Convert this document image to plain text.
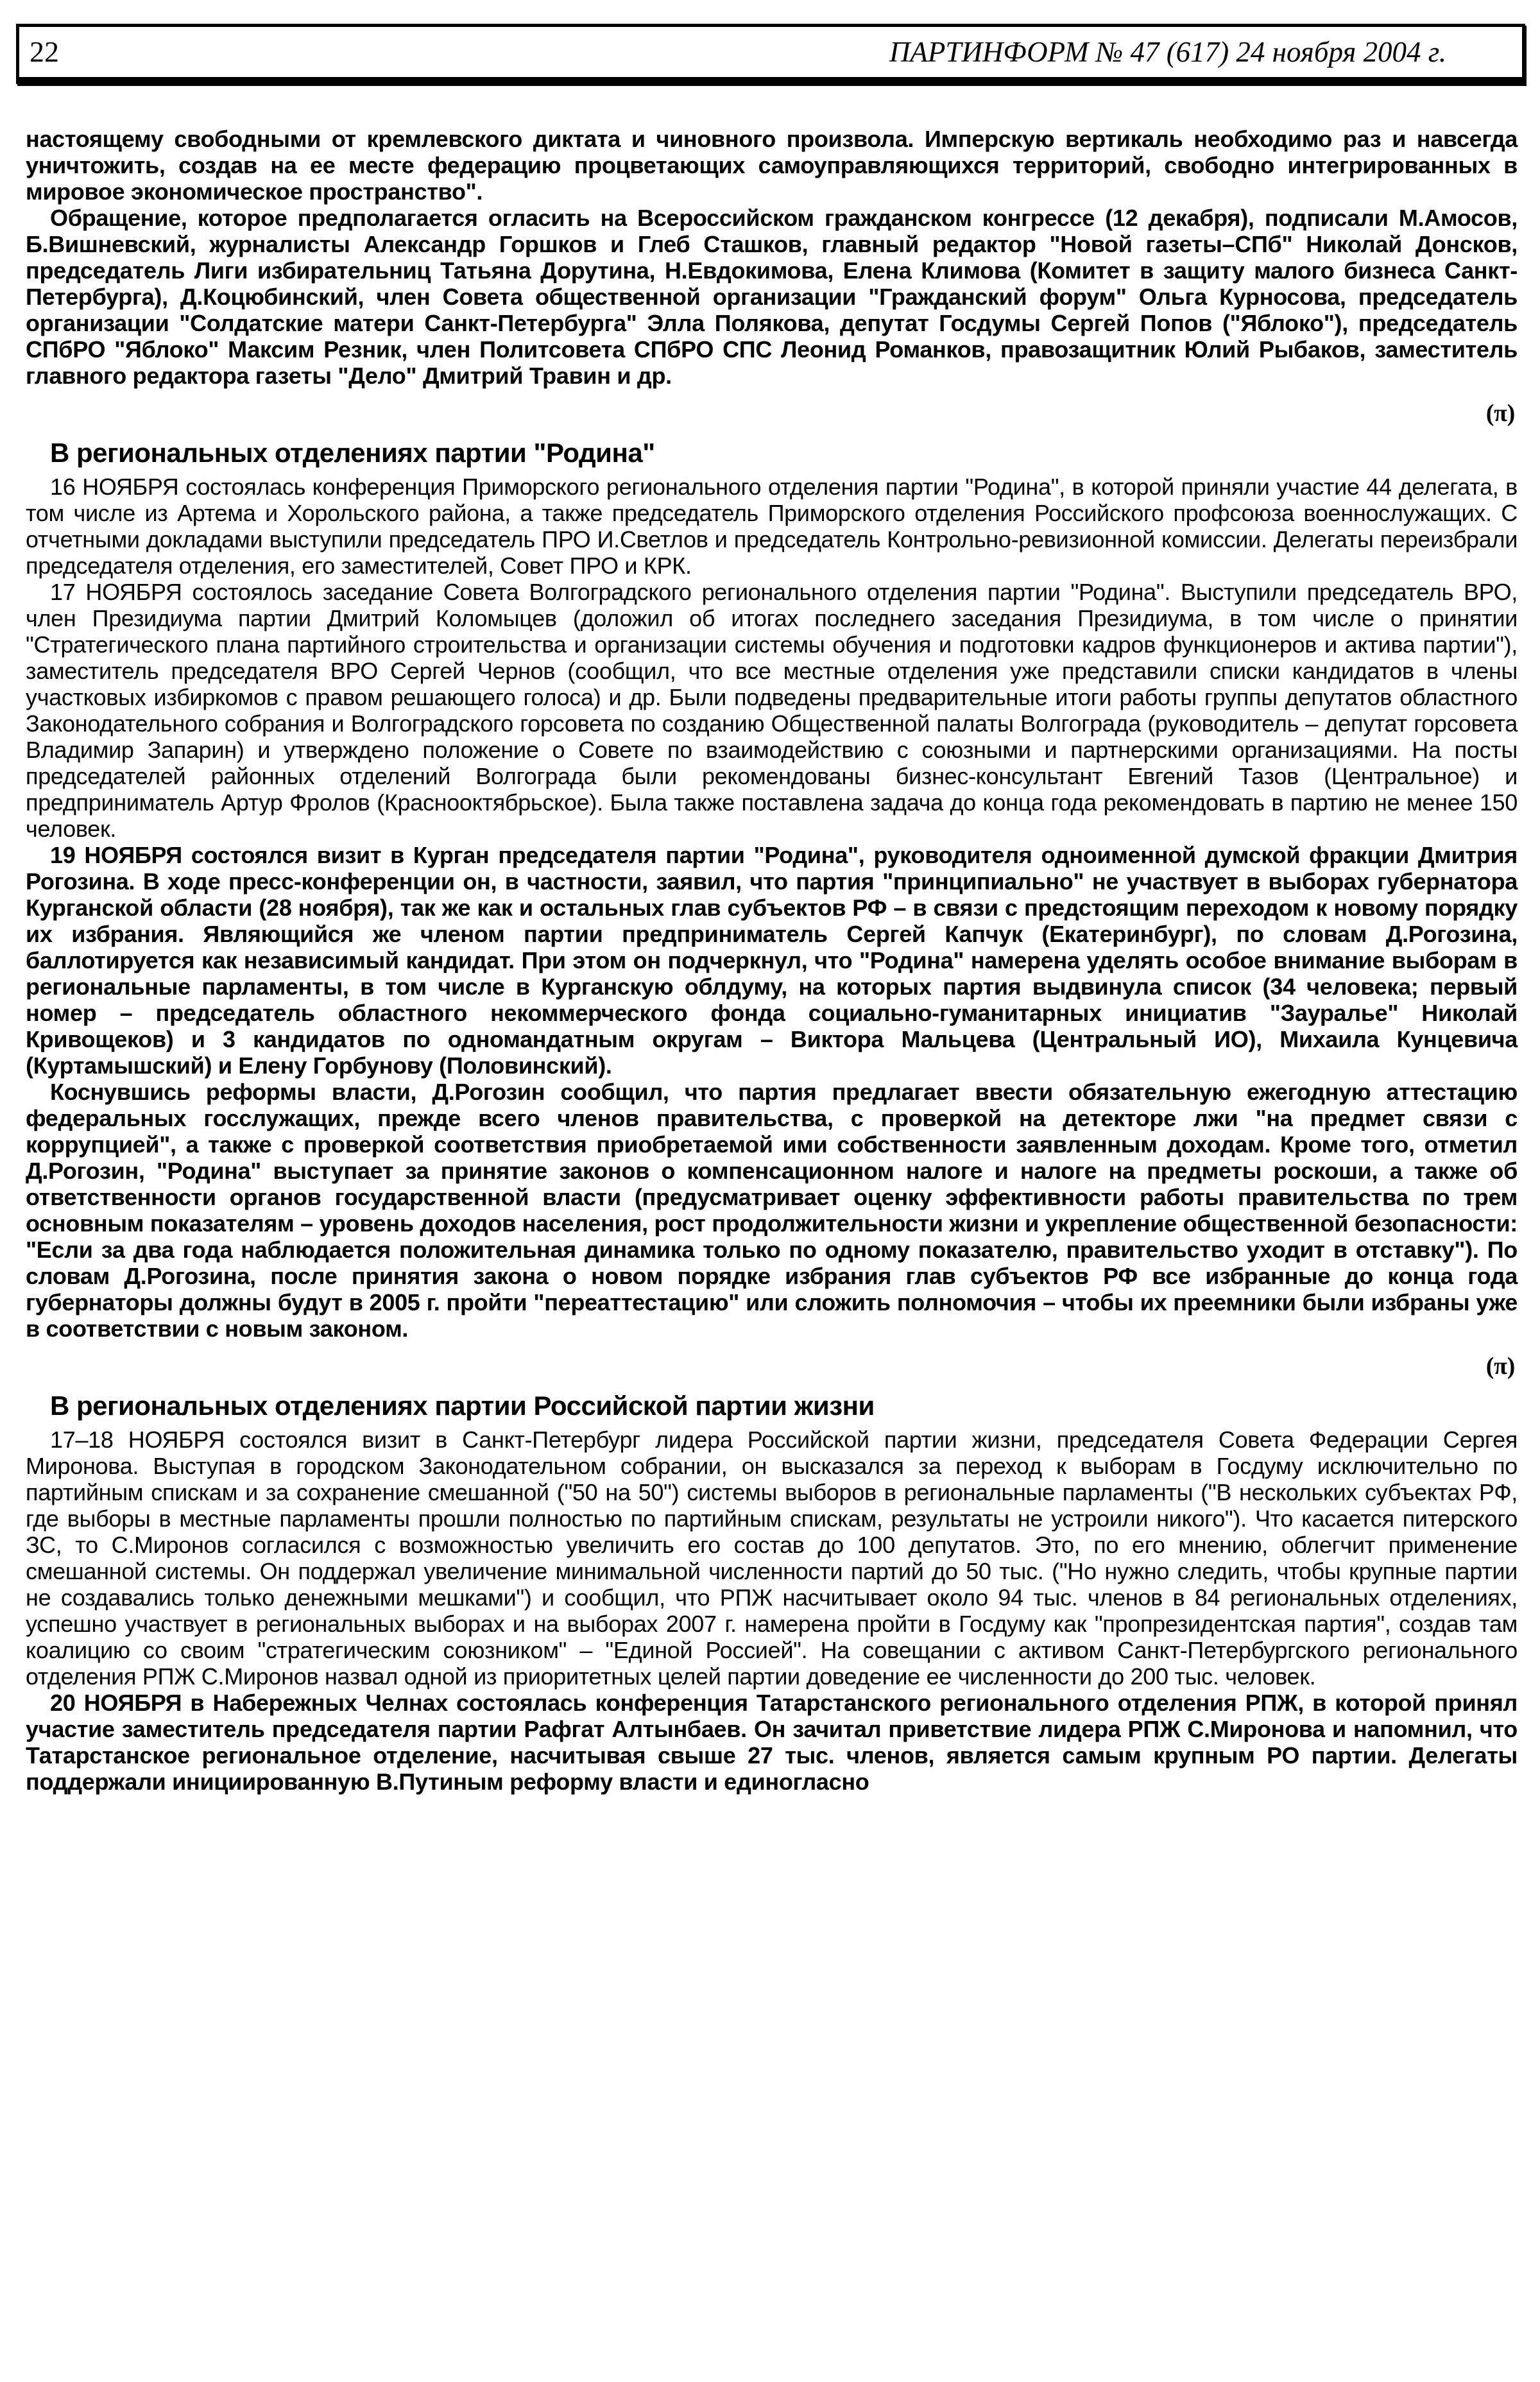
22	ПАРТИНФОРМ № 47 (617) 24 ноября 2004 г.

настоящему свободными от кремлевского диктата и чиновного произвола. Имперскую вертикаль необходимо раз и навсегда уничтожить, создав на ее месте федерацию процветающих самоуправляющихся территорий, свободно интегрированных в мировое экономическое пространство".

Обращение, которое предполагается огласить на Всероссийском гражданском конгрессе (12 декабря), подписали М.Амосов, Б.Вишневский, журналисты Александр Горшков и Глеб Сташков, главный редактор "Новой газеты–СПб" Николай Донсков, председатель Лиги избирательниц Татьяна Дорутина, Н.Евдокимова, Елена Климова (Комитет в защиту малого бизнеса Санкт-Петербурга), Д.Коцюбинский, член Совета общественной организации "Гражданский форум" Ольга Курносова, председатель организации "Солдатские матери Санкт-Петербурга" Элла Полякова, депутат Госдумы Сергей Попов ("Яблоко"), председатель СПбРО "Яблоко" Максим Резник, член Политсовета СПбРО СПС Леонид Романков, правозащитник Юлий Рыбаков, заместитель главного редактора газеты "Дело" Дмитрий Травин и др.

(π)
В региональных отделениях партии "Родина"

16 НОЯБРЯ состоялась конференция Приморского регионального отделения партии "Родина", в которой приняли участие 44 делегата, в том числе из Артема и Хорольского района, а также председатель Приморского отделения Российского профсоюза военнослужащих. С отчетными докладами выступили председатель ПРО И.Светлов и председатель Контрольно-ревизионной комиссии. Делегаты переизбрали председателя отделения, его заместителей, Совет ПРО и КРК.

17 НОЯБРЯ состоялось заседание Совета Волгоградского регионального отделения партии "Родина". Выступили председатель ВРО, член Президиума партии Дмитрий Коломыцев (доложил об итогах последнего заседания Президиума, в том числе о принятии "Стратегического плана партийного строительства и организации системы обучения и подготовки кадров функционеров и актива партии"), заместитель председателя ВРО Сергей Чернов (сообщил, что все местные отделения уже представили списки кандидатов в члены участковых избиркомов с правом решающего голоса) и др. Были подведены предварительные итоги работы группы депутатов областного Законодательного собрания и Волгоградского горсовета по созданию Общественной палаты Волгограда (руководитель – депутат горсовета Владимир Запарин) и утверждено положение о Совете по взаимодействию с союзными и партнерскими организациями. На посты председателей районных отделений Волгограда были рекомендованы бизнес-консультант Евгений Тазов (Центральное) и предприниматель Артур Фролов (Краснооктябрьское). Была также поставлена задача до конца года рекомендовать в партию не менее 150 человек.

19 НОЯБРЯ состоялся визит в Курган председателя партии "Родина", руководителя одноименной думской фракции Дмитрия Рогозина. В ходе пресс-конференции он, в частности, заявил, что партия "принципиально" не участвует в выборах губернатора Курганской области (28 ноября), так же как и остальных глав субъектов РФ – в связи с предстоящим переходом к новому порядку их избрания. Являющийся же членом партии предприниматель Сергей Капчук (Екатеринбург), по словам Д.Рогозина, баллотируется как независимый кандидат. При этом он подчеркнул, что "Родина" намерена уделять особое внимание выборам в региональные парламенты, в том числе в Курганскую облдуму, на которых партия выдвинула список (34 человека; первый номер – председатель областного некоммерческого фонда социально-гуманитарных инициатив "Зауралье" Николай Кривощеков) и 3 кандидатов по одномандатным округам – Виктора Мальцева (Центральный ИО), Михаила Кунцевича (Куртамышский) и Елену Горбунову (Половинский).

Коснувшись реформы власти, Д.Рогозин сообщил, что партия предлагает ввести обязательную ежегодную аттестацию федеральных госслужащих, прежде всего членов правительства, с проверкой на детекторе лжи "на предмет связи с коррупцией", а также с проверкой соответствия приобретаемой ими собственности заявленным доходам. Кроме того, отметил Д.Рогозин, "Родина" выступает за принятие законов о компенсационном налоге и налоге на предметы роскоши, а также об ответственности органов государственной власти (предусматривает оценку эффективности работы правительства по трем основным показателям – уровень доходов населения, рост продолжительности жизни и укрепление общественной безопасности: "Если за два года наблюдается положительная динамика только по одному показателю, правительство уходит в отставку"). По словам Д.Рогозина, после принятия закона о новом порядке избрания глав субъектов РФ все избранные до конца года губернаторы должны будут в 2005 г. пройти "переаттестацию" или сложить полномочия – чтобы их преемники были избраны уже в соответствии с новым законом.

(π)
В региональных отделениях партии Российской партии жизни

17–18 НОЯБРЯ состоялся визит в Санкт-Петербург лидера Российской партии жизни, председателя Совета Федерации Сергея Миронова. Выступая в городском Законодательном собрании, он высказался за переход к выборам в Госдуму исключительно по партийным спискам и за сохранение смешанной ("50 на 50") системы выборов в региональные парламенты ("В нескольких субъектах РФ, где выборы в местные парламенты прошли полностью по партийным спискам, результаты не устроили никого"). Что касается питерского ЗС, то С.Миронов согласился с возможностью увеличить его состав до 100 депутатов. Это, по его мнению, облегчит применение смешанной системы. Он поддержал увеличение минимальной численности партий до 50 тыс. ("Но нужно следить, чтобы крупные партии не создавались только денежными мешками") и сообщил, что РПЖ насчитывает около 94 тыс. членов в 84 региональных отделениях, успешно участвует в региональных выборах и на выборах 2007 г. намерена пройти в Госдуму как "пропрезидентская партия", создав там коалицию со своим "стратегическим союзником" – "Единой Россией". На совещании с активом Санкт-Петербургского регионального отделения РПЖ С.Миронов назвал одной из приоритетных целей партии доведение ее численности до 200 тыс. человек.

20 НОЯБРЯ в Набережных Челнах состоялась конференция Татарстанского регионального отделения РПЖ, в которой принял участие заместитель председателя партии Рафгат Алтынбаев. Он зачитал приветствие лидера РПЖ С.Миронова и напомнил, что Татарстанское региональное отделение, насчитывая свыше 27 тыс. членов, является самым крупным РО партии. Делегаты поддержали инициированную В.Путиным реформу власти и единогласно
